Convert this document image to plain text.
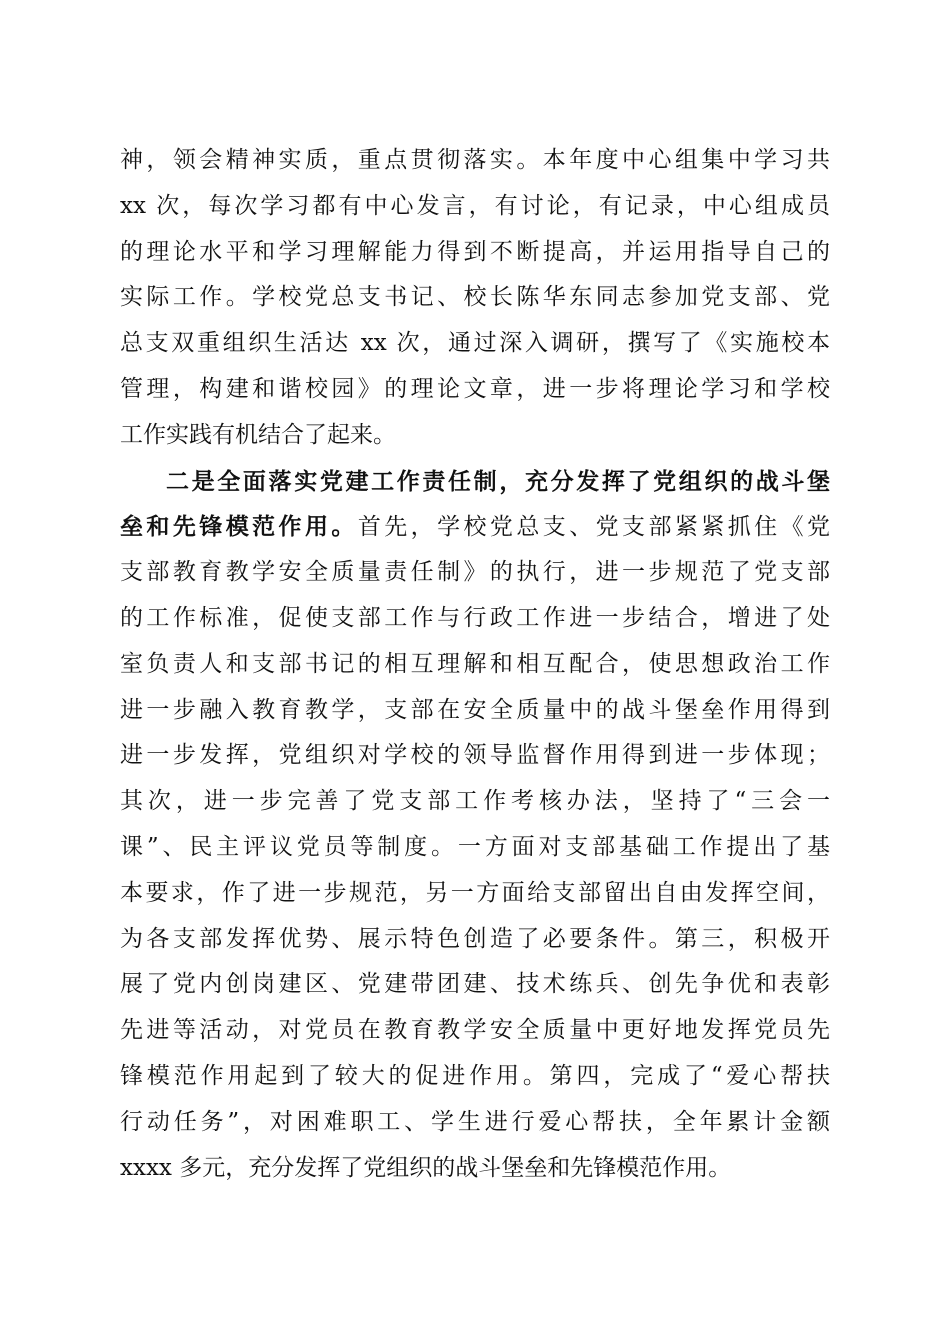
神，领会精神实质，重点贯彻落实。本年度中心组集中学习共
xx 次，每次学习都有中心发言，有讨论，有记录，中心组成员
的理论水平和学习理解能力得到不断提高，并运用指导自己的
实际工作。学校党总支书记、校长陈华东同志参加党支部、党
总支双重组织生活达 xx 次，通过深入调研，撰写了《实施校本
管理，构建和谐校园》的理论文章，进一步将理论学习和学校
工作实践有机结合了起来。
二是全面落实党建工作责任制，充分发挥了党组织的战斗堡
垒和先锋模范作用。首先，学校党总支、党支部紧紧抓住《党
支部教育教学安全质量责任制》的执行，进一步规范了党支部
的工作标准，促使支部工作与行政工作进一步结合，增进了处
室负责人和支部书记的相互理解和相互配合，使思想政治工作
进一步融入教育教学，支部在安全质量中的战斗堡垒作用得到
进一步发挥，党组织对学校的领导监督作用得到进一步体现；
其次，进一步完善了党支部工作考核办法，坚持了“三会一
课”、民主评议党员等制度。一方面对支部基础工作提出了基
本要求，作了进一步规范，另一方面给支部留出自由发挥空间，
为各支部发挥优势、展示特色创造了必要条件。第三，积极开
展了党内创岗建区、党建带团建、技术练兵、创先争优和表彰
先进等活动，对党员在教育教学安全质量中更好地发挥党员先
锋模范作用起到了较大的促进作用。第四，完成了“爱心帮扶
行动任务”，对困难职工、学生进行爱心帮扶，全年累计金额
xxxx 多元，充分发挥了党组织的战斗堡垒和先锋模范作用。
